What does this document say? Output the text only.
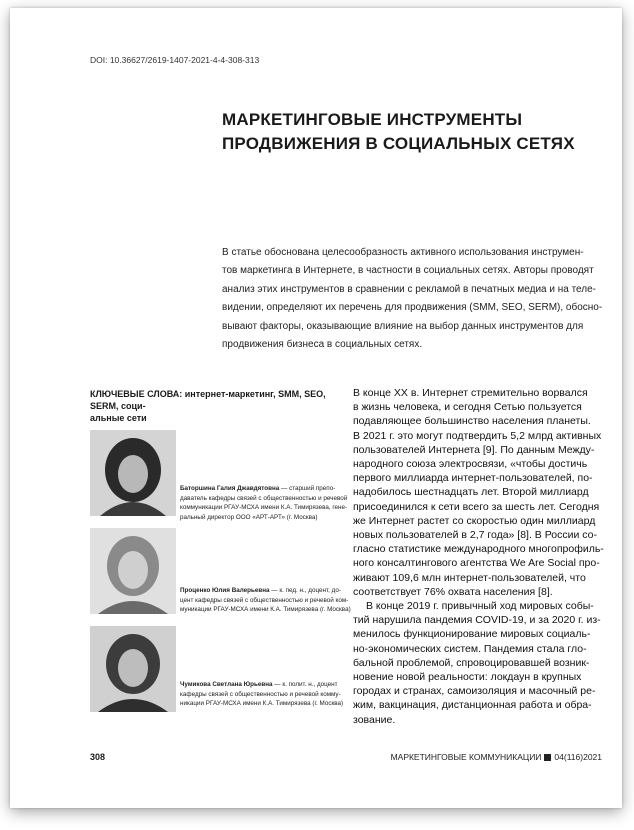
DOI: 10.36627/2619-1407-2021-4-4-308-313
МАРКЕТИНГОВЫЕ ИНСТРУМЕНТЫ
ПРОДВИЖЕНИЯ В СОЦИАЛЬНЫХ СЕТЯХ
В статье обоснована целесообразность активного использования инструмен-
тов маркетинга в Интернете, в частности в социальных сетях. Авторы проводят
анализ этих инструментов в сравнении с рекламой в печатных медиа и на теле-
видении, определяют их перечень для продвижения (SMM, SEO, SERM), обосно-
вывают факторы, оказывающие влияние на выбор данных инструментов для
продвижения бизнеса в социальных сетях.
КЛЮЧЕВЫЕ СЛОВА: интернет-маркетинг, SMM, SEO, SERM, соци-
альные сети
Баторшина Галия Джавдятовна — старший препо-
даватель кафедры связей с общественностью и речевой
коммуникации РГАУ-МСХА имени К.А. Тимирязева, гене-
ральный директор ООО «АРТ-АРТ» (г. Москва)
Проценко Юлия Валерьевна — к. пед. н., доцент, до-
цент кафедры связей с общественностью и речевой ком-
муникации РГАУ-МСХА имени К.А. Тимирязева (г. Москва)
Чумикова Светлана Юрьевна — к. полит. н., доцент
кафедры связей с общественностью и речевой комму-
никации РГАУ-МСХА имени К.А. Тимирязева (г. Москва)
В конце XX в. Интернет стремительно ворвался
в жизнь человека, и сегодня Сетью пользуется
подавляющее большинство населения планеты.
В 2021 г. это могут подтвердить 5,2 млрд активных
пользователей Интернета [9]. По данным Между-
народного союза электросвязи, «чтобы достичь
первого миллиарда интернет-пользователей, по-
надобилось шестнадцать лет. Второй миллиард
присоединился к сети всего за шесть лет. Сегодня
же Интернет растет со скоростью один миллиард
новых пользователей в 2,7 года» [8]. В России со-
гласно статистике международного многопрофиль-
ного консалтингового агентства We Are Social про-
живают 109,6 млн интернет-пользователей, что
соответствует 76% охвата населения [8].
В конце 2019 г. привычный ход мировых собы-
тий нарушила пандемия COVID-19, и за 2020 г. из-
менилось функционирование мировых социаль-
но-экономических систем. Пандемия стала гло-
бальной проблемой, спровоцировавшей возник-
новение новой реальности: локдаун в крупных
городах и странах, самоизоляция и масочный ре-
жим, вакцинация, дистанционная работа и обра-
зование.
308	МАРКЕТИНГОВЫЕ КОММУНИКАЦИИ 04(116)2021
